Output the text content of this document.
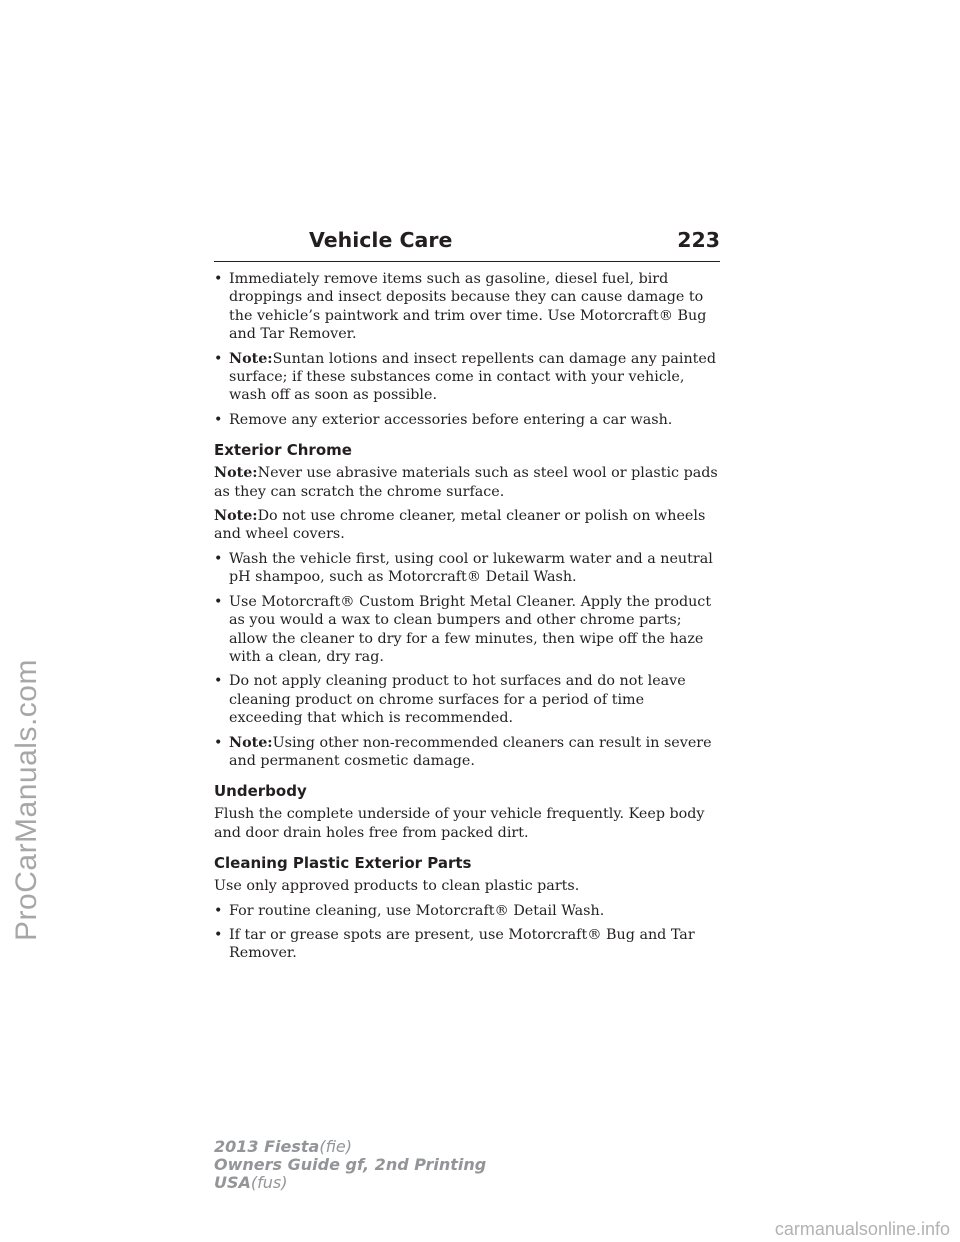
ProCarManuals.com
Vehicle Care	223
• Immediately remove items such as gasoline, diesel fuel, bird droppings and insect deposits because they can cause damage to the vehicle’s paintwork and trim over time. Use Motorcraft® Bug and Tar Remover.
• Note:Suntan lotions and insect repellents can damage any painted surface; if these substances come in contact with your vehicle, wash off as soon as possible.
• Remove any exterior accessories before entering a car wash.
Exterior Chrome

Note:Never use abrasive materials such as steel wool or plastic pads as they can scratch the chrome surface.

Note:Do not use chrome cleaner, metal cleaner or polish on wheels and wheel covers.

• Wash the vehicle first, using cool or lukewarm water and a neutral pH shampoo, such as Motorcraft® Detail Wash.
• Use Motorcraft® Custom Bright Metal Cleaner. Apply the product as you would a wax to clean bumpers and other chrome parts; allow the cleaner to dry for a few minutes, then wipe off the haze with a clean, dry rag.
• Do not apply cleaning product to hot surfaces and do not leave cleaning product on chrome surfaces for a period of time exceeding that which is recommended.
• Note:Using other non-recommended cleaners can result in severe and permanent cosmetic damage.
Underbody

Flush the complete underside of your vehicle frequently. Keep body and door drain holes free from packed dirt.

Cleaning Plastic Exterior Parts

Use only approved products to clean plastic parts.

• For routine cleaning, use Motorcraft® Detail Wash.
• If tar or grease spots are present, use Motorcraft® Bug and Tar Remover.
2013 Fiesta(fie)
Owners Guide gf, 2nd Printing
USA(fus)
carmanualsonline.info
